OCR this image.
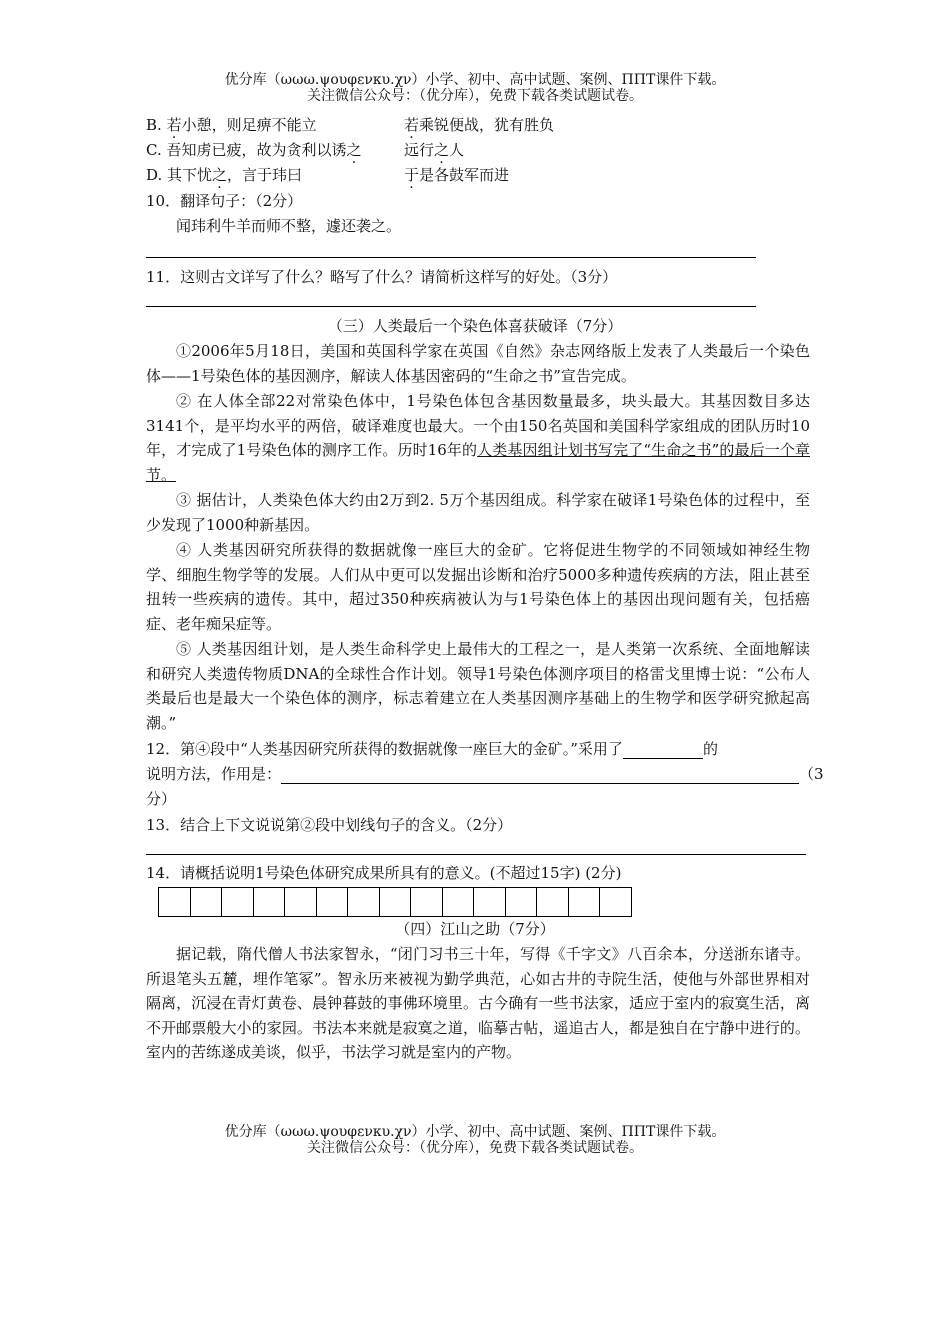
优分库（ωωω.ψουφενκυ.χν）小学、初中、高中试题、案例、ΠΠΤ课件下载。
关注微信公众号：（优分库），免费下载各类试题试卷。
B. 若小憩，则足痹不能立	若乘锐便战，犹有胜负
C. 吾知虏已疲，故为贪利以诱之	远行之人
D. 其下忧之，言于玮曰	于是各鼓军而进
10．翻译句子：（2分）
闻玮利牛羊而师不整，遽还袭之。
11．这则古文详写了什么？略写了什么？请简析这样写的好处。（3分）
（三）人类最后一个染色体喜获破译（7分）
①2006年5月18日，美国和英国科学家在英国《自然》杂志网络版上发表了人类最后一个染色体——1号染色体的基因测序，解读人体基因密码的“生命之书”宣告完成。
② 在人体全部22对常染色体中，1号染色体包含基因数量最多，块头最大。其基因数目多达3141个，是平均水平的两倍，破译难度也最大。一个由150名英国和美国科学家组成的团队历时10年，才完成了1号染色体的测序工作。历时16年的人类基因组计划书写完了“生命之书”的最后一个章节。
③ 据估计，人类染色体大约由2万到2. 5万个基因组成。科学家在破译1号染色体的过程中，至少发现了1000种新基因。
④ 人类基因研究所获得的数据就像一座巨大的金矿。它将促进生物学的不同领域如神经生物学、细胞生物学等的发展。人们从中更可以发掘出诊断和治疗5000多种遗传疾病的方法，阻止甚至扭转一些疾病的遗传。其中，超过350种疾病被认为与1号染色体上的基因出现问题有关，包括癌症、老年痴呆症等。
⑤ 人类基因组计划，是人类生命科学史上最伟大的工程之一，是人类第一次系统、全面地解读和研究人类遗传物质DNA的全球性合作计划。领导1号染色体测序项目的格雷戈里博士说：“公布人类最后也是最大一个染色体的测序，标志着建立在人类基因测序基础上的生物学和医学研究掀起高潮。”
12．第④段中“人类基因研究所获得的数据就像一座巨大的金矿。”采用了	的
说明方法，作用是：	（3
分）
13．结合上下文说说第②段中划线句子的含义。（2分）
14．请概括说明1号染色体研究成果所具有的意义。(不超过15字) (2分)
（四）江山之助（7分）
据记载，隋代僧人书法家智永，“闭门习书三十年，写得《千字文》八百余本，分送浙东诸寺。所退笔头五麓，埋作笔冢”。智永历来被视为勤学典范，心如古井的寺院生活，使他与外部世界相对隔离，沉浸在青灯黄卷、晨钟暮鼓的事佛环境里。古今确有一些书法家，适应于室内的寂寞生活，离不开邮票般大小的家园。书法本来就是寂寞之道，临摹古帖，遥追古人，都是独自在宁静中进行的。室内的苦练遂成美谈，似乎，书法学习就是室内的产物。
优分库（ωωω.ψουφενκυ.χν）小学、初中、高中试题、案例、ΠΠΤ课件下载。
关注微信公众号：（优分库），免费下载各类试题试卷。
